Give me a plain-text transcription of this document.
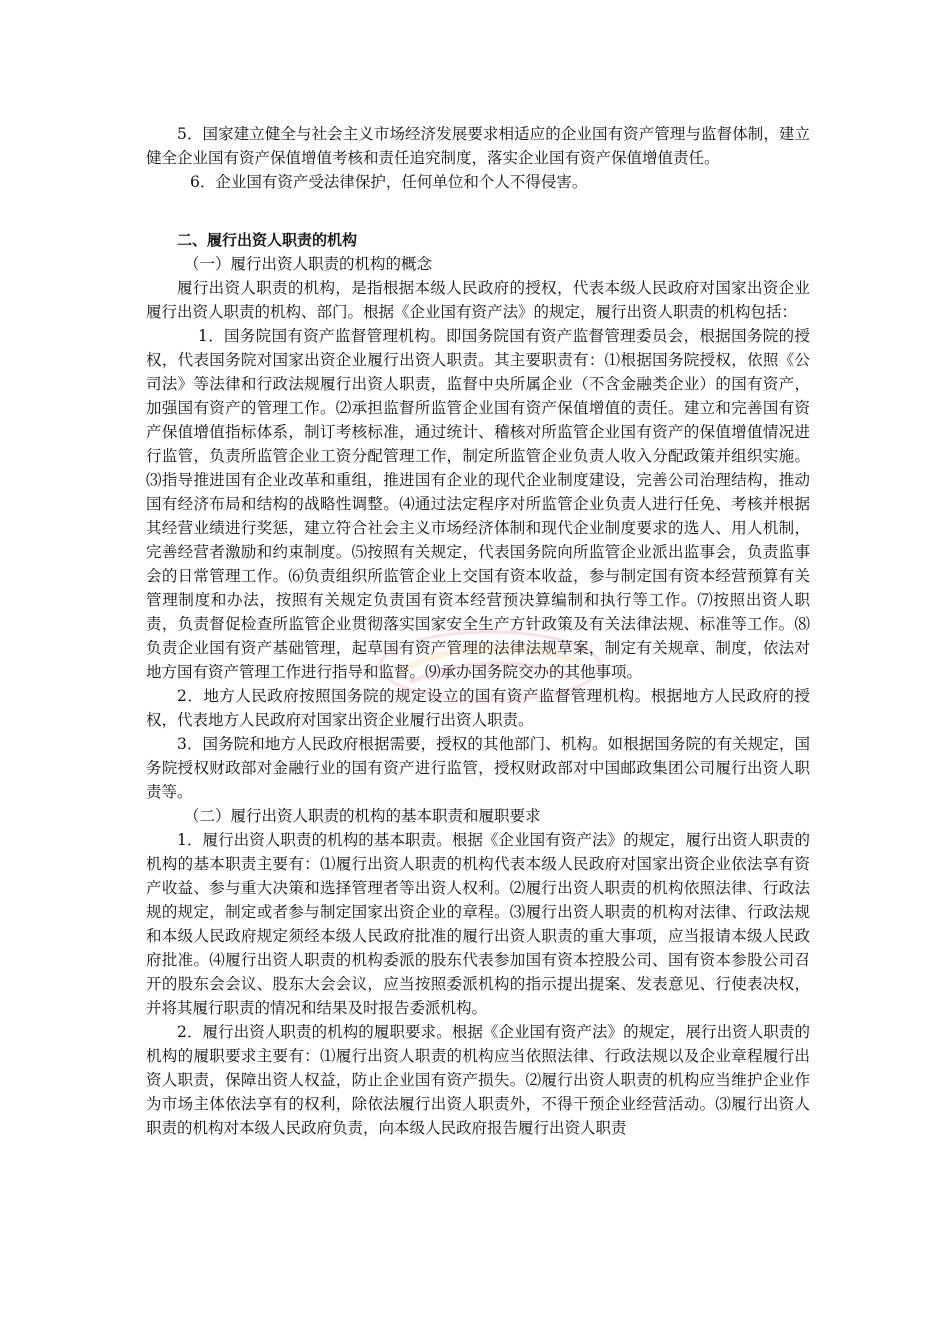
5．国家建立健全与社会主义市场经济发展要求相适应的企业国有资产管理与监督体制，建立健全企业国有资产保值增值考核和责任追究制度，落实企业国有资产保值增值责任。

6．企业国有资产受法律保护，任何单位和个人不得侵害。

二、履行出资人职责的机构

（一）履行出资人职责的机构的概念

履行出资人职责的机构，是指根据本级人民政府的授权，代表本级人民政府对国家出资企业履行出资人职责的机构、部门。根据《企业国有资产法》的规定，履行出资人职责的机构包括：

1．国务院国有资产监督管理机构。即国务院国有资产监督管理委员会，根据国务院的授权，代表国务院对国家出资企业履行出资人职责。其主要职责有：⑴根据国务院授权，依照《公司法》等法律和行政法规履行出资人职责，监督中央所属企业（不含金融类企业）的国有资产，加强国有资产的管理工作。⑵承担监督所监管企业国有资产保值增值的责任。建立和完善国有资产保值增值指标体系，制订考核标准，通过统计、稽核对所监管企业国有资产的保值增值情况进行监管，负责所监管企业工资分配管理工作，制定所监管企业负责人收入分配政策并组织实施。⑶指导推进国有企业改革和重组，推进国有企业的现代企业制度建设，完善公司治理结构，推动国有经济布局和结构的战略性调整。⑷通过法定程序对所监管企业负责人进行任免、考核并根据其经营业绩进行奖惩，建立符合社会主义市场经济体制和现代企业制度要求的选人、用人机制，完善经营者激励和约束制度。⑸按照有关规定，代表国务院向所监管企业派出监事会，负责监事会的日常管理工作。⑹负责组织所监管企业上交国有资本收益，参与制定国有资本经营预算有关管理制度和办法，按照有关规定负责国有资本经营预决算编制和执行等工作。⑺按照出资人职责，负责督促检查所监管企业贯彻落实国家安全生产方针政策及有关法律法规、标准等工作。⑻负责企业国有资产基础管理，起草国有资产管理的法律法规草案，制定有关规章、制度，依法对地方国有资产管理工作进行指导和监督。⑼承办国务院交办的其他事项。

2．地方人民政府按照国务院的规定设立的国有资产监督管理机构。根据地方人民政府的授权，代表地方人民政府对国家出资企业履行出资人职责。

3．国务院和地方人民政府根据需要，授权的其他部门、机构。如根据国务院的有关规定，国务院授权财政部对金融行业的国有资产进行监管，授权财政部对中国邮政集团公司履行出资人职责等。

（二）履行出资人职责的机构的基本职责和履职要求

1．履行出资人职责的机构的基本职责。根据《企业国有资产法》的规定，履行出资人职责的机构的基本职责主要有：⑴履行出资人职责的机构代表本级人民政府对国家出资企业依法享有资产收益、参与重大决策和选择管理者等出资人权利。⑵履行出资人职责的机构依照法律、行政法规的规定，制定或者参与制定国家出资企业的章程。⑶履行出资人职责的机构对法律、行政法规和本级人民政府规定须经本级人民政府批准的履行出资人职责的重大事项，应当报请本级人民政府批准。⑷履行出资人职责的机构委派的股东代表参加国有资本控股公司、国有资本参股公司召开的股东会会议、股东大会会议，应当按照委派机构的指示提出提案、发表意见、行使表决权，并将其履行职责的情况和结果及时报告委派机构。

2．履行出资人职责的机构的履职要求。根据《企业国有资产法》的规定，展行出资人职责的机构的履职要求主要有：⑴履行出资人职责的机构应当依照法律、行政法规以及企业章程履行出资人职责，保障出资人权益，防止企业国有资产损失。⑵履行出资人职责的机构应当维护企业作为市场主体依法享有的权利，除依法履行出资人职责外，不得干预企业经营活动。⑶履行出资人职责的机构对本级人民政府负责，向本级人民政府报告履行出资人职责
